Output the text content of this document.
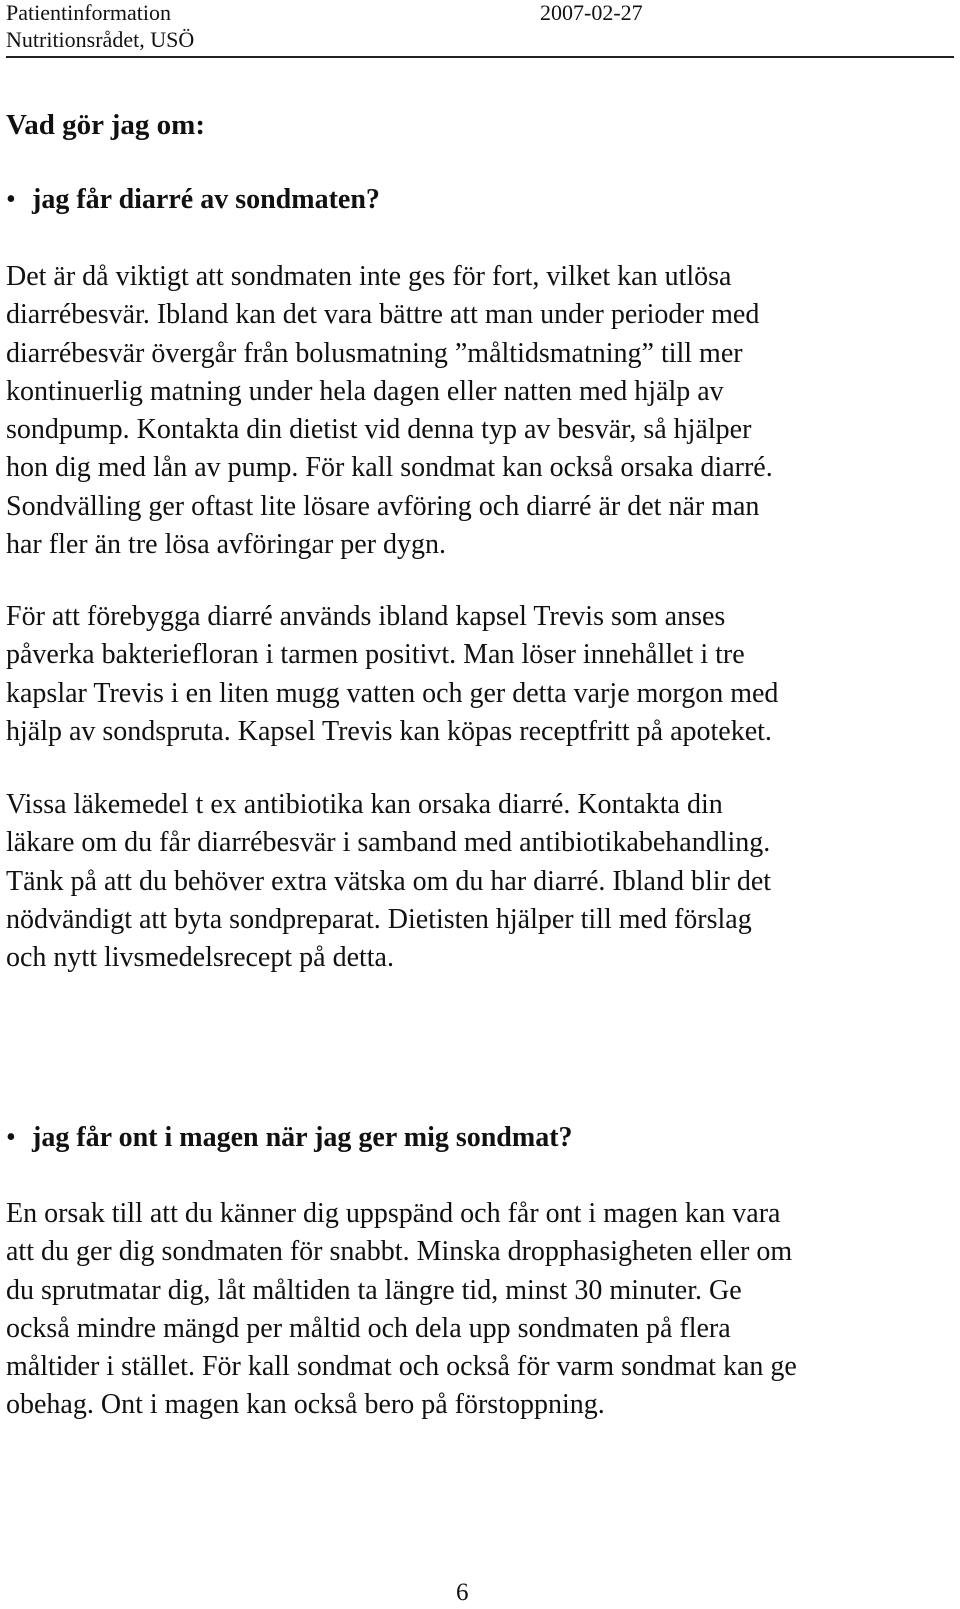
Patientinformation	2007-02-27
Nutritionsrådet, USÖ
Vad gör jag om:
• jag får diarré av sondmaten?

Det är då viktigt att sondmaten inte ges för fort, vilket kan utlösa
diarrébesvär. Ibland kan det vara bättre att man under perioder med
diarrébesvär övergår från bolusmatning ”måltidsmatning” till mer
kontinuerlig matning under hela dagen eller natten med hjälp av
sondpump. Kontakta din dietist vid denna typ av besvär, så hjälper
hon dig med lån av pump. För kall sondmat kan också orsaka diarré.
Sondvälling ger oftast lite lösare avföring och diarré är det när man
har fler än tre lösa avföringar per dygn.

För att förebygga diarré används ibland kapsel Trevis som anses
påverka bakteriefloran i tarmen positivt. Man löser innehållet i tre
kapslar Trevis i en liten mugg vatten och ger detta varje morgon med
hjälp av sondspruta. Kapsel Trevis kan köpas receptfritt på apoteket.

Vissa läkemedel t ex antibiotika kan orsaka diarré. Kontakta din
läkare om du får diarrébesvär i samband med antibiotikabehandling.
Tänk på att du behöver extra vätska om du har diarré. Ibland blir det
nödvändigt att byta sondpreparat. Dietisten hjälper till med förslag
och nytt livsmedelsrecept på detta.

• jag får ont i magen när jag ger mig sondmat?

En orsak till att du känner dig uppspänd och får ont i magen kan vara
att du ger dig sondmaten för snabbt. Minska dropphasigheten eller om
du sprutmatar dig, låt måltiden ta längre tid, minst 30 minuter. Ge
också mindre mängd per måltid och dela upp sondmaten på flera
måltider i stället. För kall sondmat och också för varm sondmat kan ge
obehag. Ont i magen kan också bero på förstoppning.

6
